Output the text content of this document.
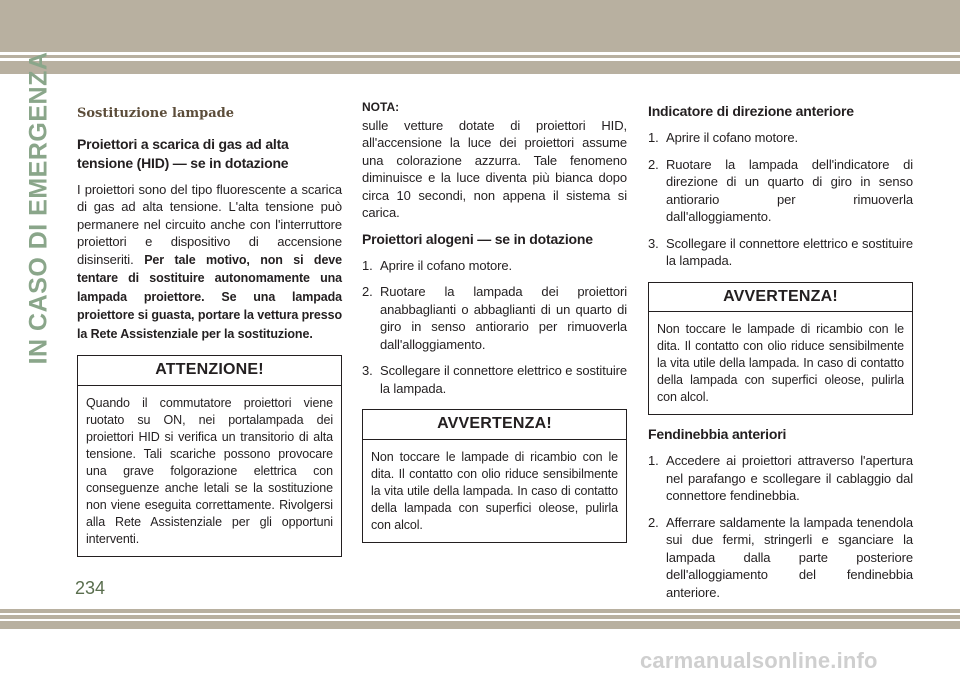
IN CASO DI EMERGENZA Sostituzione lampade
Proiettori a scarica di gas ad alta tensione (HID) — se in dotazione

I proiettori sono del tipo fluorescente a scarica di gas ad alta tensione. L'alta tensione può permanere nel circuito anche con l'interruttore proiettori e dispositivo di accensione disinseriti. Per tale motivo, non si deve tentare di sostituire autonomamente una lampada proiettore. Se una lampada proiettore si guasta, portare la vettura presso la Rete Assistenziale per la sostituzione.

ATTENZIONE!
Quando il commutatore proiettori viene ruotato su ON, nei portalampada dei proiettori HID si verifica un transitorio di alta tensione. Tali scariche possono provocare una grave folgorazione elettrica con conseguenze anche letali se la sostituzione non viene eseguita correttamente. Rivolgersi alla Rete Assistenziale per gli opportuni interventi.
NOTA:

sulle vetture dotate di proiettori HID, all'accensione la luce dei proiettori assume una colorazione azzurra. Tale fenomeno diminuisce e la luce diventa più bianca dopo circa 10 secondi, non appena il sistema si carica.

Proiettori alogeni — se in dotazione
1. Aprire il cofano motore.
2. Ruotare la lampada dei proiettori anabbaglianti o abbaglianti di un quarto di giro in senso antiorario per rimuoverla dall'alloggiamento.
3. Scollegare il connettore elettrico e sostituire la lampada.
AVVERTENZA!
Non toccare le lampade di ricambio con le dita. Il contatto con olio riduce sensibilmente la vita utile della lampada. In caso di contatto della lampada con superfici oleose, pulirla con alcol.
Indicatore di direzione anteriore
1. Aprire il cofano motore.
2. Ruotare la lampada dell'indicatore di direzione di un quarto di giro in senso antiorario per rimuoverla dall'alloggiamento.
3. Scollegare il connettore elettrico e sostituire la lampada.
AVVERTENZA!
Non toccare le lampade di ricambio con le dita. Il contatto con olio riduce sensibilmente la vita utile della lampada. In caso di contatto della lampada con superfici oleose, pulirla con alcol.
Fendinebbia anteriori
1. Accedere ai proiettori attraverso l'apertura nel parafango e scollegare il cablaggio dal connettore fendinebbia.
2. Afferrare saldamente la lampada tenendola sui due fermi, stringerli e sganciare la lampada dalla parte posteriore dell'alloggiamento del fendinebbia anteriore.
234
carmanualsonline.info
